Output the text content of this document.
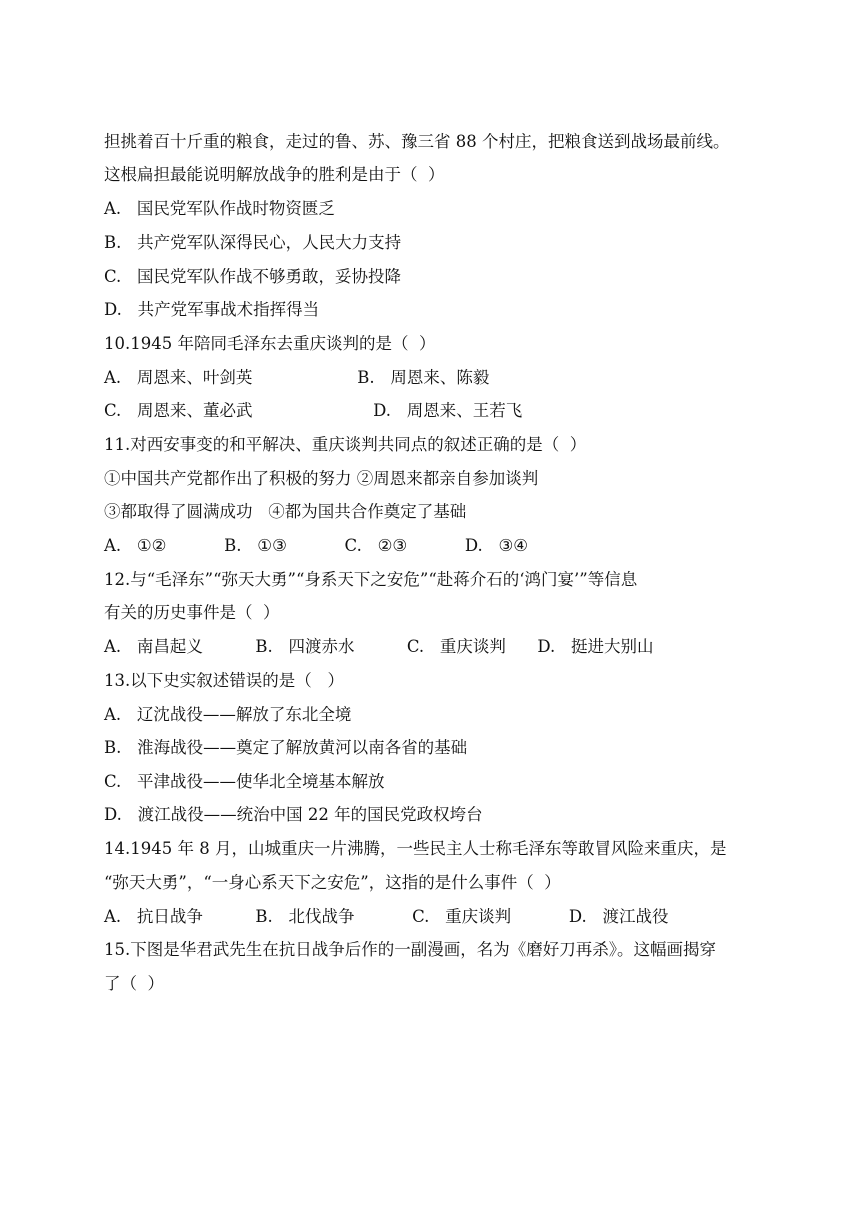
担挑着百十斤重的粮食，走过的鲁、苏、豫三省 88 个村庄，把粮食送到战场最前线。
这根扁担最能说明解放战争的胜利是由于（  ）
A.   国民党军队作战时物资匮乏
B.   共产党军队深得民心，人民大力支持
C.   国民党军队作战不够勇敢，妥协投降
D.   共产党军事战术指挥得当
10.1945 年陪同毛泽东去重庆谈判的是（  ）
A.   周恩来、叶剑英                    B.   周恩来、陈毅
C.   周恩来、董必武                       D.   周恩来、王若飞
11.对西安事变的和平解决、重庆谈判共同点的叙述正确的是（  ）
①中国共产党都作出了积极的努力 ②周恩来都亲自参加谈判
③都取得了圆满成功   ④都为国共合作奠定了基础
A.   ①②           B.   ①③           C.   ②③           D.   ③④
12.与“毛泽东”“弥天大勇”“身系天下之安危”“赴蒋介石的‘鸿门宴’”等信息
有关的历史事件是（  ）
A.   南昌起义          B.   四渡赤水          C.   重庆谈判      D.   挺进大别山
13.以下史实叙述错误的是（   ）
A.   辽沈战役——解放了东北全境
B.   淮海战役——奠定了解放黄河以南各省的基础
C.   平津战役——使华北全境基本解放
D.   渡江战役——统治中国 22 年的国民党政权垮台
14.1945 年 8 月，山城重庆一片沸腾，一些民主人士称毛泽东等敢冒风险来重庆，是
“弥天大勇”，“一身心系天下之安危”，这指的是什么事件（  ）
A.   抗日战争          B.   北伐战争           C.   重庆谈判           D.   渡江战役
15.下图是华君武先生在抗日战争后作的一副漫画，名为《磨好刀再杀》。这幅画揭穿
了（  ）
